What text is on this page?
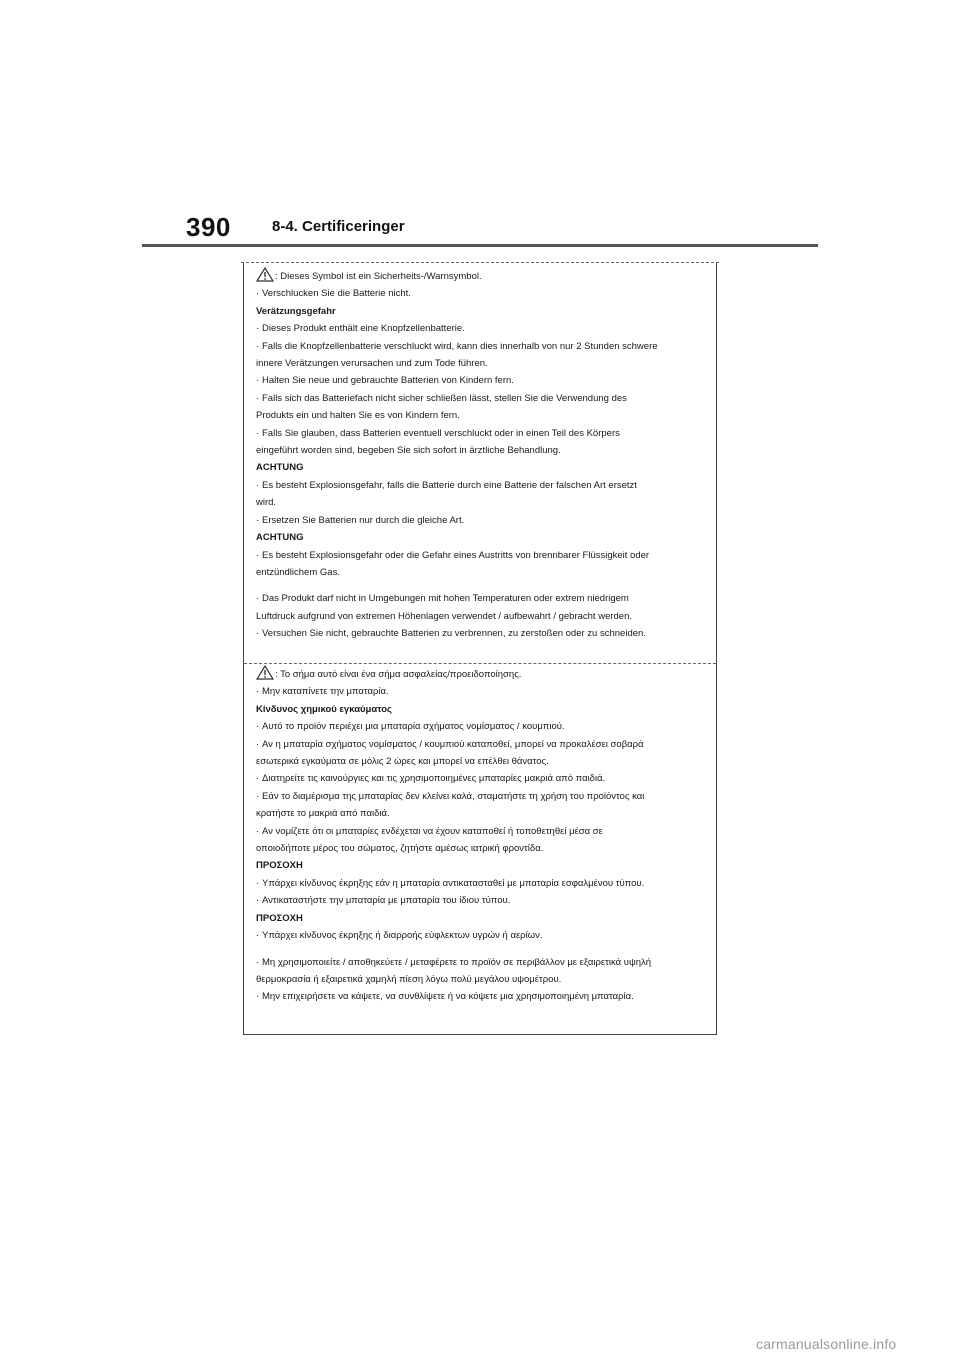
390	8-4. Certificeringer
: Dieses Symbol ist ein Sicherheits-/Warnsymbol.
· Verschlucken Sie die Batterie nicht.
Verätzungsgefahr
· Dieses Produkt enthält eine Knopfzellenbatterie.
· Falls die Knopfzellenbatterie verschluckt wird, kann dies innerhalb von nur 2 Stunden schwere
innere Verätzungen verursachen und zum Tode führen.
· Halten Sie neue und gebrauchte Batterien von Kindern fern.
· Falls sich das Batteriefach nicht sicher schließen lässt, stellen Sie die Verwendung des
Produkts ein und halten Sie es von Kindern fern.
· Falls Sie glauben, dass Batterien eventuell verschluckt oder in einen Teil des Körpers
eingeführt worden sind, begeben Sie sich sofort in ärztliche Behandlung.
ACHTUNG
· Es besteht Explosionsgefahr, falls die Batterie durch eine Batterie der falschen Art ersetzt
wird.
· Ersetzen Sie Batterien nur durch die gleiche Art.
ACHTUNG
· Es besteht Explosionsgefahr oder die Gefahr eines Austritts von brennbarer Flüssigkeit oder
entzündlichem Gas.
· Das Produkt darf nicht in Umgebungen mit hohen Temperaturen oder extrem niedrigem
Luftdruck aufgrund von extremen Höhenlagen verwendet / aufbewahrt / gebracht werden.
· Versuchen Sie nicht, gebrauchte Batterien zu verbrennen, zu zerstoßen oder zu schneiden.
: Το σήμα αυτό είναι ένα σήμα ασφαλείας/προειδοποίησης.
· Μην καταπίνετε την μπαταρία.
Κίνδυνος χημικού εγκαύματος
· Αυτό το προϊόν περιέχει μια μπαταρία σχήματος νομίσματος / κουμπιού.
· Αν η μπαταρία σχήματος νομίσματος / κουμπιού καταποθεί, μπορεί να προκαλέσει σοβαρά
εσωτερικά εγκαύματα σε μόλις 2 ώρες και μπορεί να επέλθει θάνατος.
· Διατηρείτε τις καινούργιες και τις χρησιμοποιημένες μπαταρίες μακριά από παιδιά.
· Εάν το διαμέρισμα της μπαταρίας δεν κλείνει καλά, σταματήστε τη χρήση του προϊόντος και
κρατήστε το μακριά από παιδιά.
· Αν νομίζετε ότι οι μπαταρίες ενδέχεται να έχουν καταποθεί ή τοποθετηθεί μέσα σε
οποιοδήποτε μέρος του σώματος, ζητήστε αμέσως ιατρική φροντίδα.
ΠΡΟΣΟΧΗ
· Υπάρχει κίνδυνος έκρηξης εάν η μπαταρία αντικατασταθεί με μπαταρία εσφαλμένου τύπου.
· Αντικαταστήστε την μπαταρία με μπαταρία του ίδιου τύπου.
ΠΡΟΣΟΧΗ
· Υπάρχει κίνδυνος έκρηξης ή διαρροής εύφλεκτων υγρών ή αερίων.
· Μη χρησιμοποιείτε / αποθηκεύετε / μεταφέρετε το προϊόν σε περιβάλλον με εξαιρετικά υψηλή
θερμοκρασία ή εξαιρετικά χαμηλή πίεση λόγω πολύ μεγάλου υψομέτρου.
· Μην επιχειρήσετε να κάψετε, να συνθλίψετε ή να κόψετε μια χρησιμοποιημένη μπαταρία.
carmanualsonline.info
